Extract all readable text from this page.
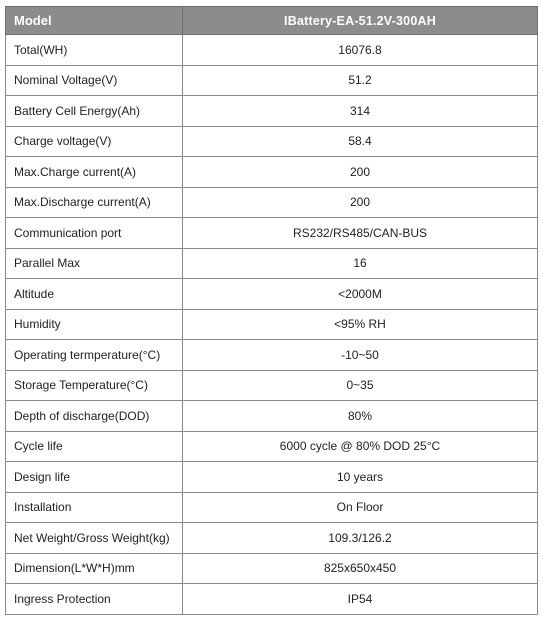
Model	IBattery-EA-51.2V-300AH
Total(WH)	16076.8
Nominal Voltage(V)	51.2
Battery Cell Energy(Ah)	314
Charge voltage(V)	58.4
Max.Charge current(A)	200
Max.Discharge current(A)	200
Communication port	RS232/RS485/CAN-BUS
Parallel Max	16
Altitude	<2000M
Humidity	<95% RH
Operating termperature(°C)	-10~50
Storage Temperature(°C)	0~35
Depth of discharge(DOD)	80%
Cycle life	6000 cycle @ 80% DOD 25°C
Design life	10 years
Installation	On Floor
Net Weight/Gross Weight(kg)	109.3/126.2
Dimension(L*W*H)mm	825x650x450
Ingress Protection	IP54
